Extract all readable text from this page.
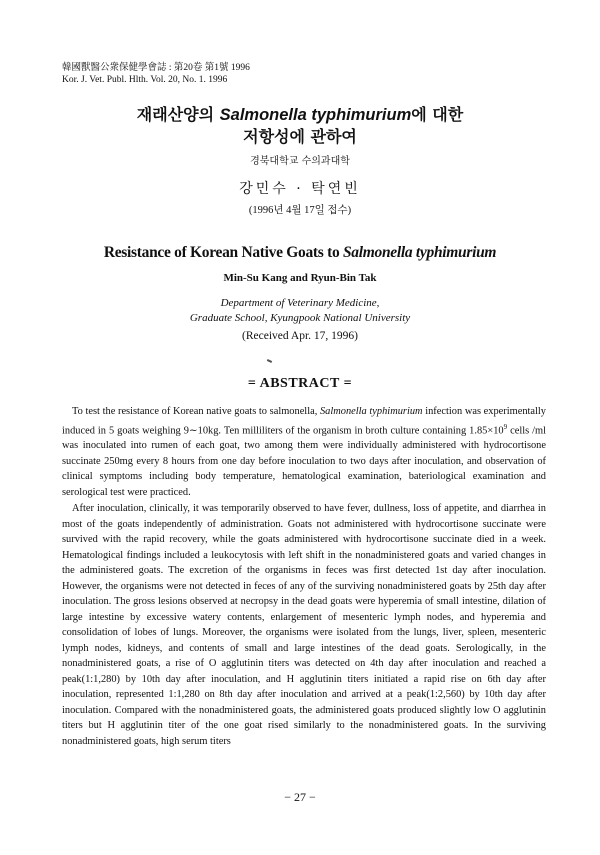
韓國獸醫公衆保健學會誌 : 第20卷 第1號 1996
Kor. J. Vet. Publ. Hlth. Vol. 20, No. 1. 1996
재래산양의 Salmonella typhimurium에 대한
저항성에 관하여
경북대학교 수의과대학
강민수 · 탁연빈
(1996년 4월 17일 접수)
Resistance of Korean Native Goats to Salmonella typhimurium
Min-Su Kang and Ryun-Bin Tak
Department of Veterinary Medicine,
Graduate School, Kyungpook National University
(Received Apr. 17, 1996)
= ABSTRACT =

To test the resistance of Korean native goats to salmonella, Salmonella typhimurium infection was experimentally induced in 5 goats weighing 9∼10kg. Ten milliliters of the organism in broth culture containing $1.85\times 10^9$ cells /ml was inoculated into rumen of each goat, two among them were individually administered with hydrocortisone succinate 250mg every 8 hours from one day before inoculation to two days after inoculation, and observation of clinical symptoms including body temperature, hematological examination, bateriological examination and serological test were practiced.

After inoculation, clinically, it was temporarily observed to have fever, dullness, loss of appetite, and diarrhea in most of the goats independently of administration. Goats not administered with hydrocortisone succinate were survived with the rapid recovery, while the goats administered with hydrocortisone succinate died in a week. Hematological findings included a leukocytosis with left shift in the nonadministered goats and varied changes in the administered goats. The excretion of the organisms in feces was first detected 1st day after inoculation. However, the organisms were not detected in feces of any of the surviving nonadministered goats by 25th day after inoculation. The gross lesions observed at necropsy in the dead goats were hyperemia of small intestine, dilation of large intestine by excessive watery contents, enlargement of mesenteric lymph nodes, and hyperemia and consolidation of lobes of lungs. Moreover, the organisms were isolated from the lungs, liver, spleen, mesenteric lymph nodes, kidneys, and contents of small and large intestines of the dead goats. Serologically, in the nonadministered goats, a rise of O agglutinin titers was detected on 4th day after inoculation and reached a peak(1:1,280) by 10th day after inoculation, and H agglutinin titers initiated a rapid rise on 6th day after inoculation, represented 1:1,280 on 8th day after inoculation and arrived at a peak(1:2,560) by 10th day after inoculation. Compared with the nonadministered goats, the administered goats produced slightly low O agglutinin titers but H agglutinin titer of the one goat rised similarly to the nonadministered goats. In the surviving nonadministered goats, high serum titers

− 27 −
